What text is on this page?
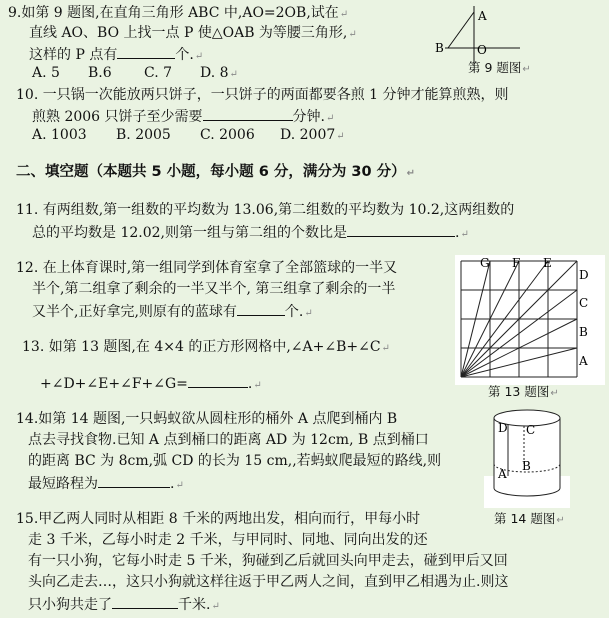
9.如第 9 题图,在直角三角形 ABC 中,AO=2OB,试在↵
直线 AO、BO 上找一点 P 使△OAB 为等腰三角形,↵
这样的 P 点有	个.↵
A. 5 B.6 C. 7 D. 8↵
A
B	O
第 9 题图↵
10. 一只锅一次能放两只饼子，一只饼子的两面都要各煎 1 分钟才能算煎熟，则
煎熟 2006 只饼子至少需要	分钟.↵
A. 1003 B. 2005 C. 2006 D. 2007↵
二、填空题（本题共 5 小题，每小题 6 分，满分为 30 分）↵
11. 有两组数,第一组数的平均数为 13.06,第二组数的平均数为 10.2,这两组数的
总的平均数是 12.02,则第一组与第二组的个数比是	.↵
12. 在上体育课时,第一组同学到体育室拿了全部篮球的一半又
半个,第二组拿了剩余的一半又半个, 第三组拿了剩余的一半
又半个,正好拿完,则原有的蓝球有	个.↵
13. 如第 13 题图,在 4×4 的正方形网格中,∠A+∠B+∠C↵
+∠D+∠E+∠F+∠G=	.↵
G F E
D
C
B
A
第 13 题图↵
14.如第 14 题图,一只蚂蚁欲从圆柱形的桶外 A 点爬到桶内 B
点去寻找食物.已知 A 点到桶口的距离 AD 为 12cm, B 点到桶口
的距离 BC 为 8cm,弧 CD 的长为 15 cm,,若蚂蚁爬最短的路线,则
最短路程为	.↵
D C
A
B
第 14 题图↵
15.甲乙两人同时从相距 8 千米的两地出发，相向而行，甲每小时
走 3 千米，乙每小时走 2 千米，与甲同时、同地、同向出发的还
有一只小狗，它每小时走 5 千米，狗碰到乙后就回头向甲走去，碰到甲后又回
头向乙走去…，这只小狗就这样往返于甲乙两人之间，直到甲乙相遇为止.则这
只小狗共走了	千米.↵
